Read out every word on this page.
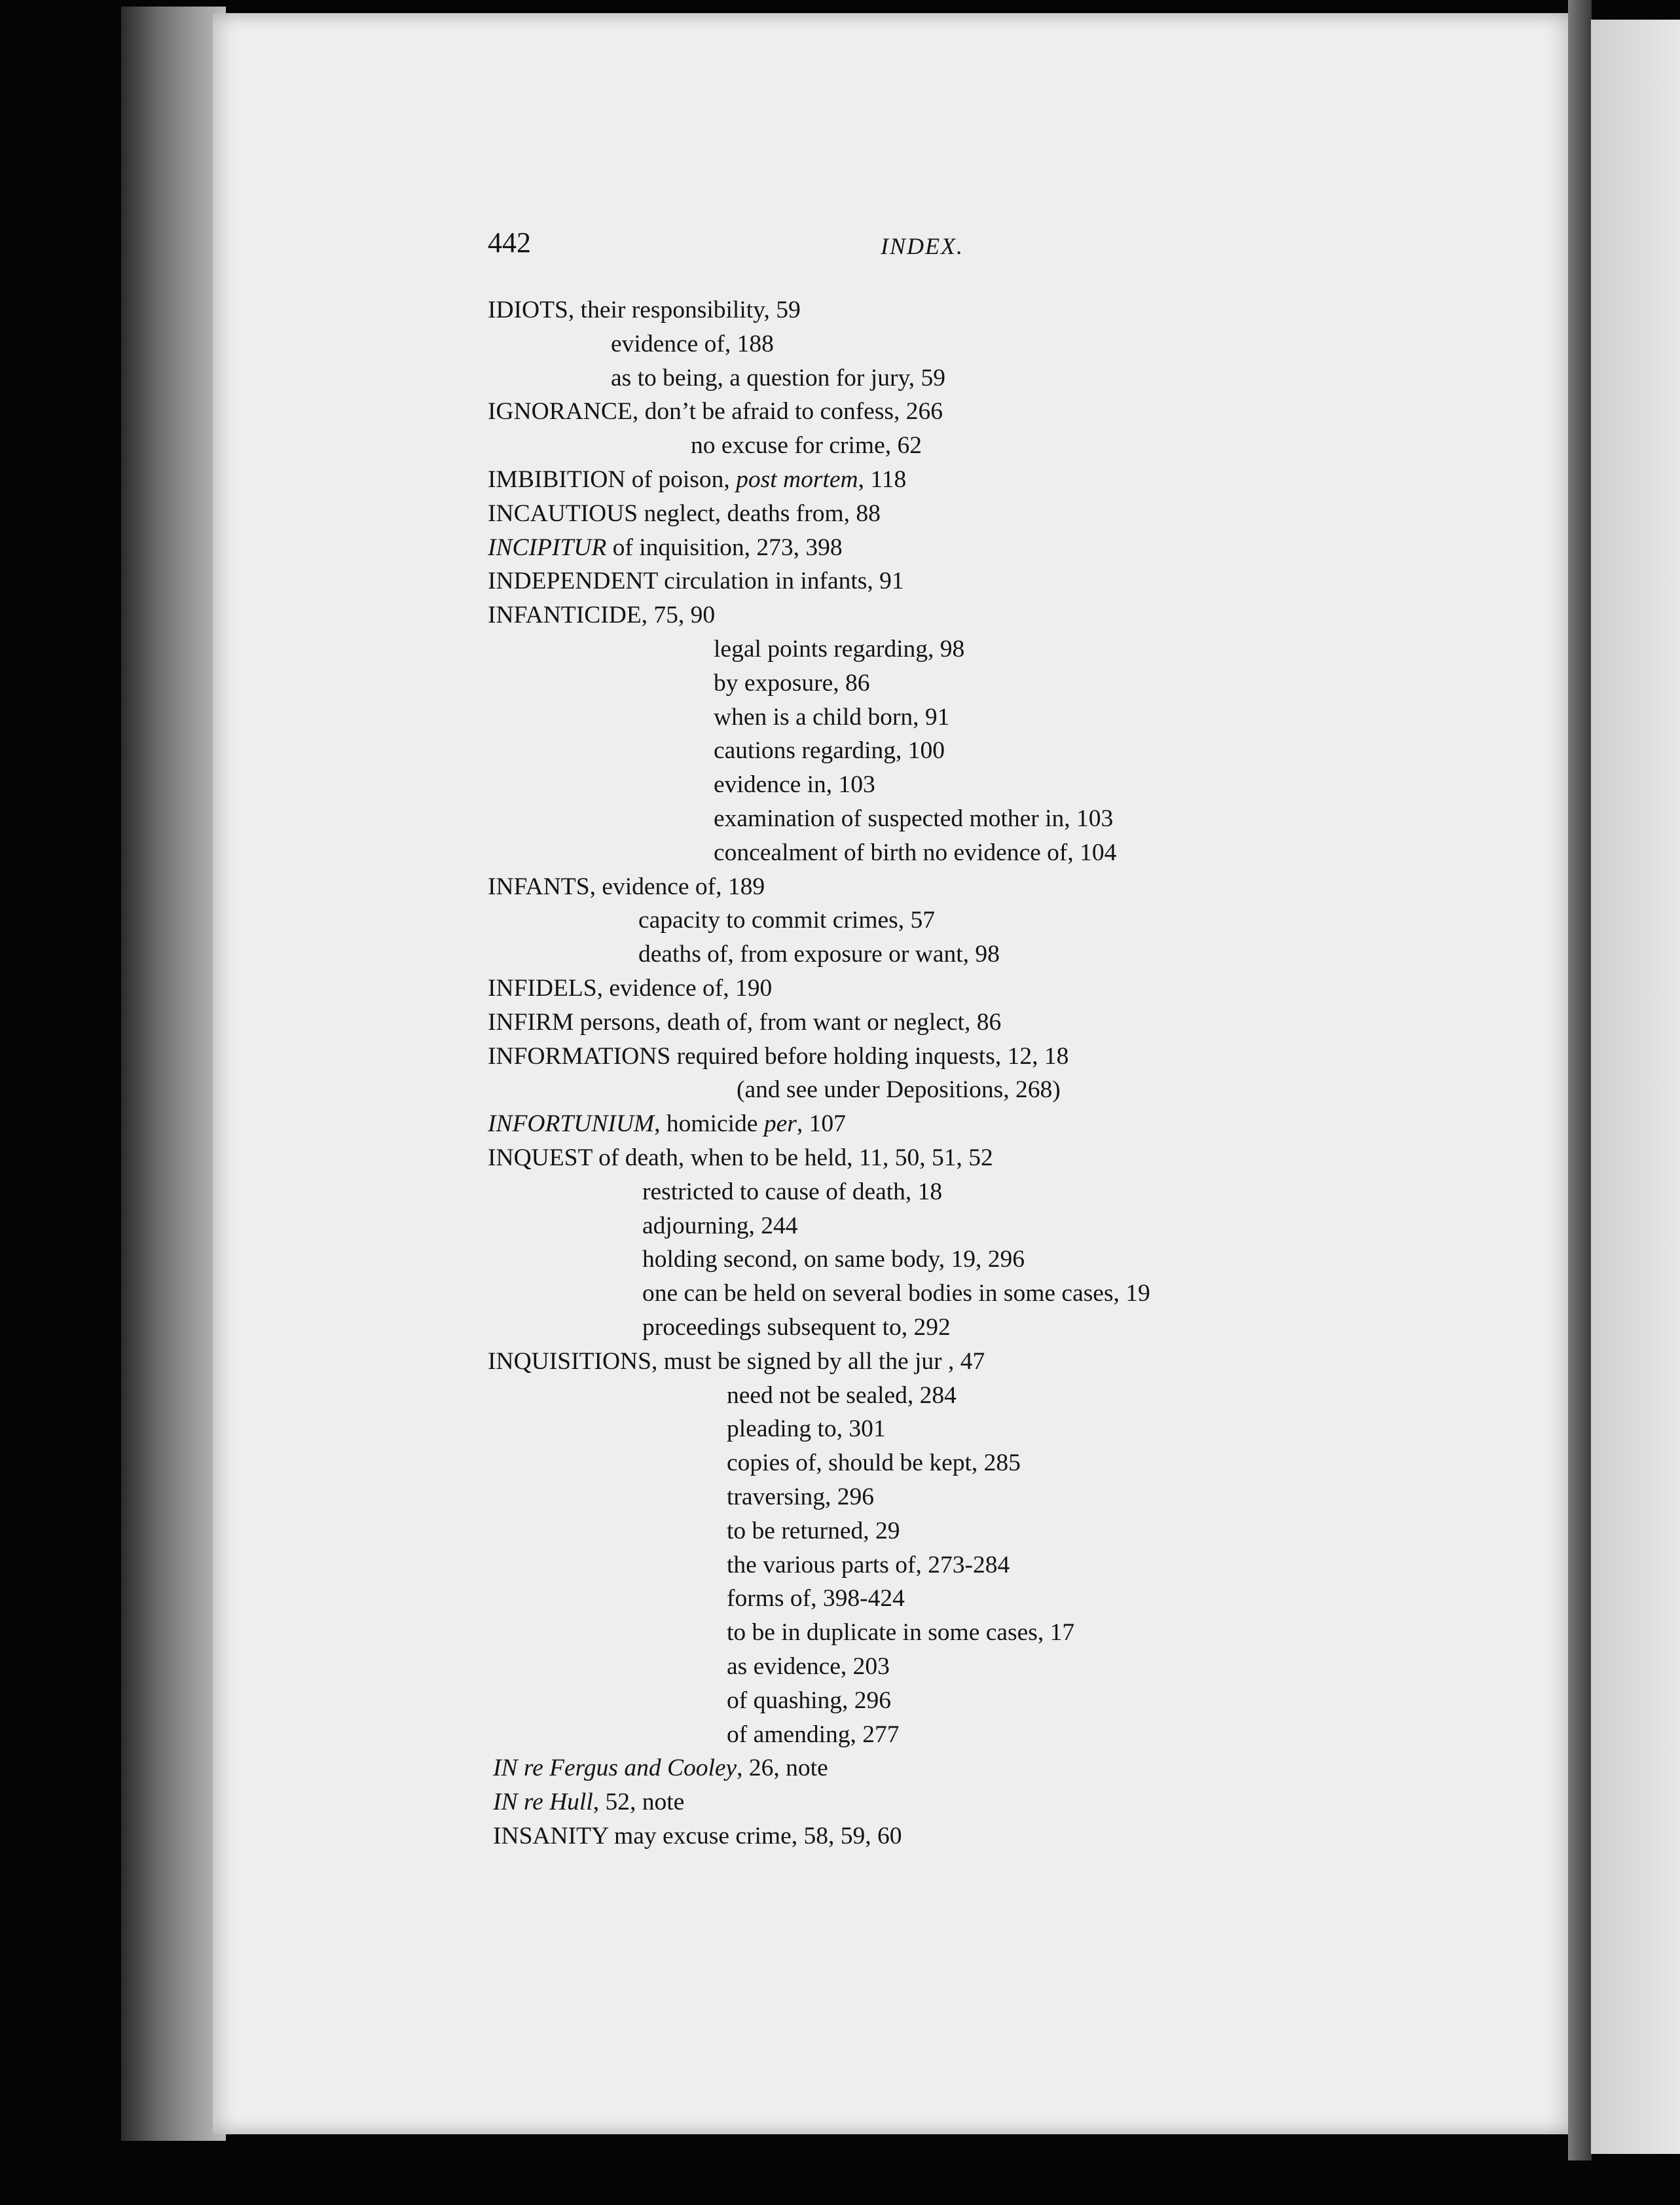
442	INDEX.
IDIOTS, their responsibility, 59
evidence of, 188
as to being, a question for jury, 59
IGNORANCE, don’t be afraid to confess, 266
no excuse for crime, 62
IMBIBITION of poison, post mortem, 118
INCAUTIOUS neglect, deaths from, 88
INCIPITUR of inquisition, 273, 398
INDEPENDENT circulation in infants, 91
INFANTICIDE, 75, 90
legal points regarding, 98
by exposure, 86
when is a child born, 91
cautions regarding, 100
evidence in, 103
examination of suspected mother in, 103
concealment of birth no evidence of, 104
INFANTS, evidence of, 189
capacity to commit crimes, 57
deaths of, from exposure or want, 98
INFIDELS, evidence of, 190
INFIRM persons, death of, from want or neglect, 86
INFORMATIONS required before holding inquests, 12, 18
(and see under Depositions, 268)
INFORTUNIUM, homicide per, 107
INQUEST of death, when to be held, 11, 50, 51, 52
restricted to cause of death, 18
adjourning, 244
holding second, on same body, 19, 296
one can be held on several bodies in some cases, 19
proceedings subsequent to, 292
INQUISITIONS, must be signed by all the jur , 47
need not be sealed, 284
pleading to, 301
copies of, should be kept, 285
traversing, 296
to be returned, 29
the various parts of, 273-284
forms of, 398-424
to be in duplicate in some cases, 17
as evidence, 203
of quashing, 296
of amending, 277
IN re Fergus and Cooley, 26, note
IN re Hull, 52, note
INSANITY may excuse crime, 58, 59, 60
